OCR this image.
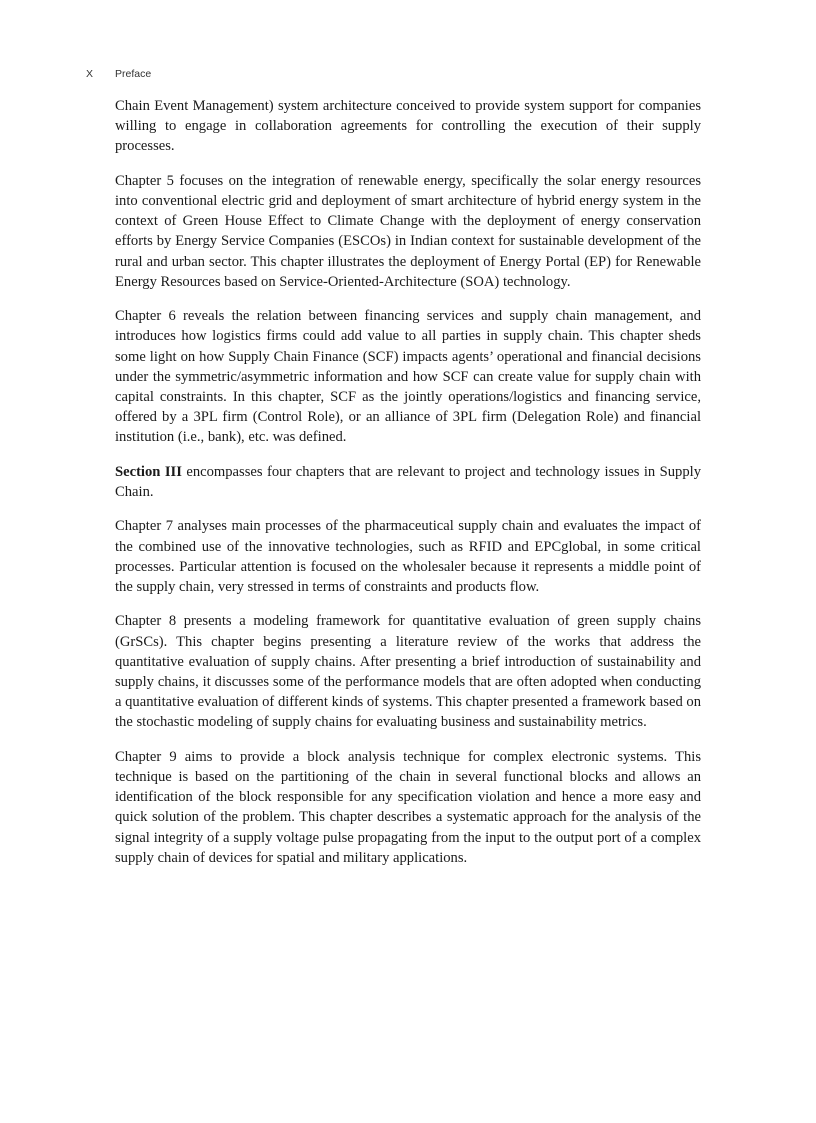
X	Preface

Chain Event Management) system architecture conceived to provide system support for companies willing to engage in collaboration agreements for controlling the execution of their supply processes.

Chapter 5 focuses on the integration of renewable energy, specifically the solar energy resources into conventional electric grid and deployment of smart architecture of hybrid energy system in the context of Green House Effect to Climate Change with the deployment of energy conservation efforts by Energy Service Companies (ESCOs) in Indian context for sustainable development of the rural and urban sector. This chapter illustrates the deployment of Energy Portal (EP) for Renewable Energy Resources based on Service-Oriented-Architecture (SOA) technology.

Chapter 6 reveals the relation between financing services and supply chain management, and introduces how logistics firms could add value to all parties in supply chain. This chapter sheds some light on how Supply Chain Finance (SCF) impacts agents’ operational and financial decisions under the symmetric/asymmetric information and how SCF can create value for supply chain with capital constraints. In this chapter, SCF as the jointly operations/logistics and financing service, offered by a 3PL firm (Control Role), or an alliance of 3PL firm (Delegation Role) and financial institution (i.e., bank), etc. was defined.

Section III encompasses four chapters that are relevant to project and technology issues in Supply Chain.

Chapter 7 analyses main processes of the pharmaceutical supply chain and evaluates the impact of the combined use of the innovative technologies, such as RFID and EPCglobal, in some critical processes. Particular attention is focused on the wholesaler because it represents a middle point of the supply chain, very stressed in terms of constraints and products flow.

Chapter 8 presents a modeling framework for quantitative evaluation of green supply chains (GrSCs). This chapter begins presenting a literature review of the works that address the quantitative evaluation of supply chains. After presenting a brief introduction of sustainability and supply chains, it discusses some of the performance models that are often adopted when conducting a quantitative evaluation of different kinds of systems. This chapter presented a framework based on the stochastic modeling of supply chains for evaluating business and sustainability metrics.

Chapter 9 aims to provide a block analysis technique for complex electronic systems. This technique is based on the partitioning of the chain in several functional blocks and allows an identification of the block responsible for any specification violation and hence a more easy and quick solution of the problem. This chapter describes a systematic approach for the analysis of the signal integrity of a supply voltage pulse propagating from the input to the output port of a complex supply chain of devices for spatial and military applications.
